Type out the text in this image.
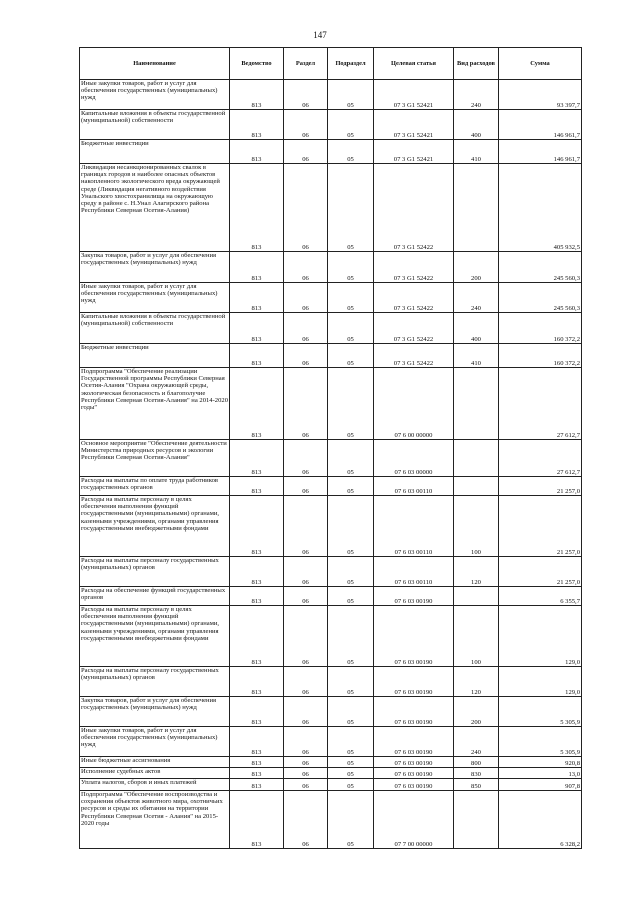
147
Наименование	Ведомство	Раздел	Подраздел	Целевая статья	Вид расходов	Сумма

Иные закупки товаров, работ и услуг для обеспечения государственных (муниципальных) нужд	813	06	05	07 3 G1 52421	240	93 397,7

Капитальные вложения в объекты государственной (муниципальной) собственности	813	06	05	07 3 G1 52421	400	146 961,7

Бюджетные инвестиции	813	06	05	07 3 G1 52421	410	146 961,7

Ликвидация несанкционированных свалок в границах городов и наиболее опасных объектов накопленного экологического вреда окружающей среде (Ликвидация негативного воздействия Унальского хвостохранилища на окружающую среду в районе с. Н.Унал Алагирского района Республики Северная Осетия-Алания)	813	06	05	07 3 G1 52422		405 932,5

Закупка товаров, работ и услуг для обеспечения государственных (муниципальных) нужд	813	06	05	07 3 G1 52422	200	245 560,3

Иные закупки товаров, работ и услуг для обеспечения государственных (муниципальных) нужд	813	06	05	07 3 G1 52422	240	245 560,3

Капитальные вложения в объекты государственной (муниципальной) собственности	813	06	05	07 3 G1 52422	400	160 372,2

Бюджетные инвестиции	813	06	05	07 3 G1 52422	410	160 372,2

Подпрограмма "Обеспечение реализации Государственной программы Республики Северная Осетия-Алания "Охрана окружающей среды, экологическая безопасность и благополучие Республики Северная Осетия-Алания" на 2014-2020 годы"	813	06	05	07 6 00 00000		27 612,7

Основное мероприятие "Обеспечение деятельности Министерства природных ресурсов и экологии Республики Северная Осетия-Алания"	813	06	05	07 6 03 00000		27 612,7

Расходы на выплаты по оплате труда работников государственных органов	813	06	05	07 6 03 00110		21 257,0

Расходы на выплаты персоналу в целях обеспечения выполнения функций государственными (муниципальными) органами, казенными учреждениями, органами управления государственными внебюджетными фондами	813	06	05	07 6 03 00110	100	21 257,0

Расходы на выплаты персоналу государственных (муниципальных) органов	813	06	05	07 6 03 00110	120	21 257,0

Расходы на обеспечение функций государственных органов	813	06	05	07 6 03 00190		6 355,7

Расходы на выплаты персоналу в целях обеспечения выполнения функций государственными (муниципальными) органами, казенными учреждениями, органами управления государственными внебюджетными фондами	813	06	05	07 6 03 00190	100	129,0

Расходы на выплаты персоналу государственных (муниципальных) органов	813	06	05	07 6 03 00190	120	129,0

Закупка товаров, работ и услуг для обеспечения государственных (муниципальных) нужд	813	06	05	07 6 03 00190	200	5 305,9

Иные закупки товаров, работ и услуг для обеспечения государственных (муниципальных) нужд	813	06	05	07 6 03 00190	240	5 305,9

Иные бюджетные ассигнования	813	06	05	07 6 03 00190	800	920,8

Исполнение судебных актов	813	06	05	07 6 03 00190	830	13,0

Уплата налогов, сборов и иных платежей	813	06	05	07 6 03 00190	850	907,8

Подпрограмма "Обеспечение воспроизводства и сохранения объектов животного мира, охотничьих ресурсов и среды их обитания на территории Республики Северная Осетия - Алания" на 2015-2020 годы	813	06	05	07 7 00 00000		6 328,2
